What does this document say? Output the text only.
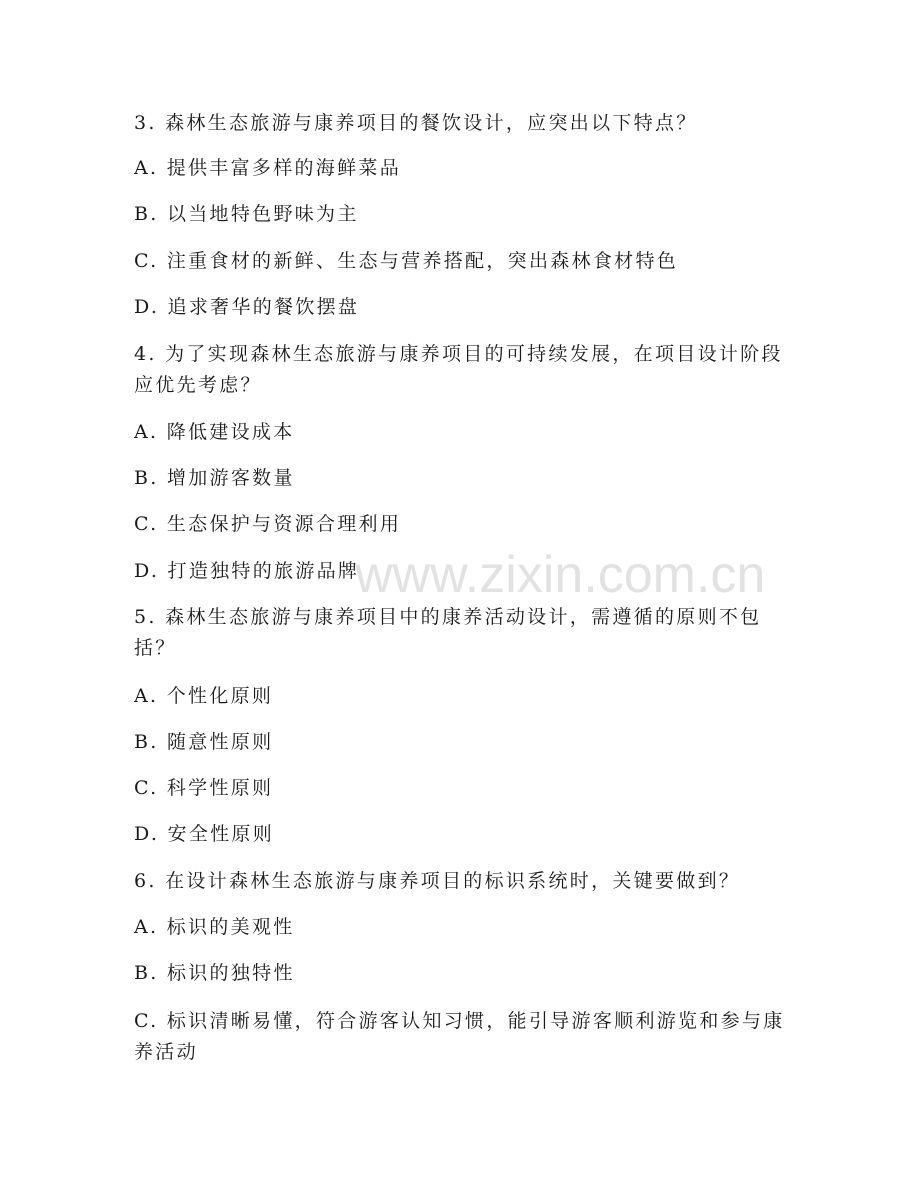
3. 森林生态旅游与康养项目的餐饮设计，应突出以下特点？
A. 提供丰富多样的海鲜菜品
B. 以当地特色野味为主
C. 注重食材的新鲜、生态与营养搭配，突出森林食材特色
D. 追求奢华的餐饮摆盘
4. 为了实现森林生态旅游与康养项目的可持续发展，在项目设计阶段应优先考虑？
A. 降低建设成本
B. 增加游客数量
C. 生态保护与资源合理利用
D. 打造独特的旅游品牌
5. 森林生态旅游与康养项目中的康养活动设计，需遵循的原则不包括？
A. 个性化原则
B. 随意性原则
C. 科学性原则
D. 安全性原则
6. 在设计森林生态旅游与康养项目的标识系统时，关键要做到？
A. 标识的美观性
B. 标识的独特性
C. 标识清晰易懂，符合游客认知习惯，能引导游客顺利游览和参与康养活动
www.zixin.com.cn
